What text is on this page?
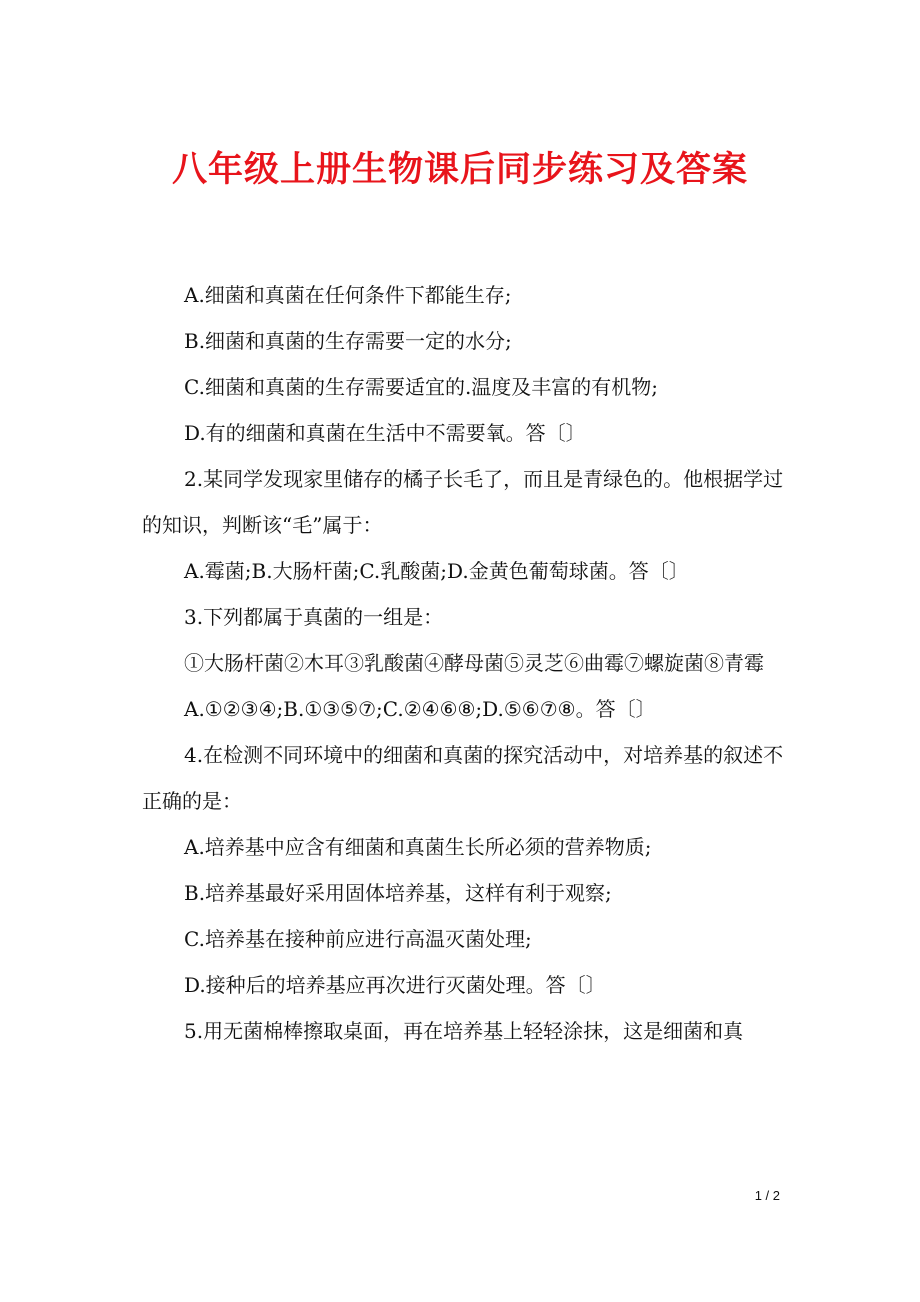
八年级上册生物课后同步练习及答案

A.细菌和真菌在任何条件下都能生存;

B.细菌和真菌的生存需要一定的水分;

C.细菌和真菌的生存需要适宜的.温度及丰富的有机物;

D.有的细菌和真菌在生活中不需要氧。答〔〕

2.某同学发现家里储存的橘子长毛了，而且是青绿色的。他根据学过的知识，判断该“毛”属于：

A.霉菌;B.大肠杆菌;C.乳酸菌;D.金黄色葡萄球菌。答〔〕

3.下列都属于真菌的一组是：

①大肠杆菌②木耳③乳酸菌④酵母菌⑤灵芝⑥曲霉⑦螺旋菌⑧青霉

A.①②③④;B.①③⑤⑦;C.②④⑥⑧;D.⑤⑥⑦⑧。答〔〕

4.在检测不同环境中的细菌和真菌的探究活动中，对培养基的叙述不正确的是：

A.培养基中应含有细菌和真菌生长所必须的营养物质;

B.培养基最好采用固体培养基，这样有利于观察;

C.培养基在接种前应进行高温灭菌处理;

D.接种后的培养基应再次进行灭菌处理。答〔〕

5.用无菌棉棒擦取桌面，再在培养基上轻轻涂抹，这是细菌和真

1 / 2
